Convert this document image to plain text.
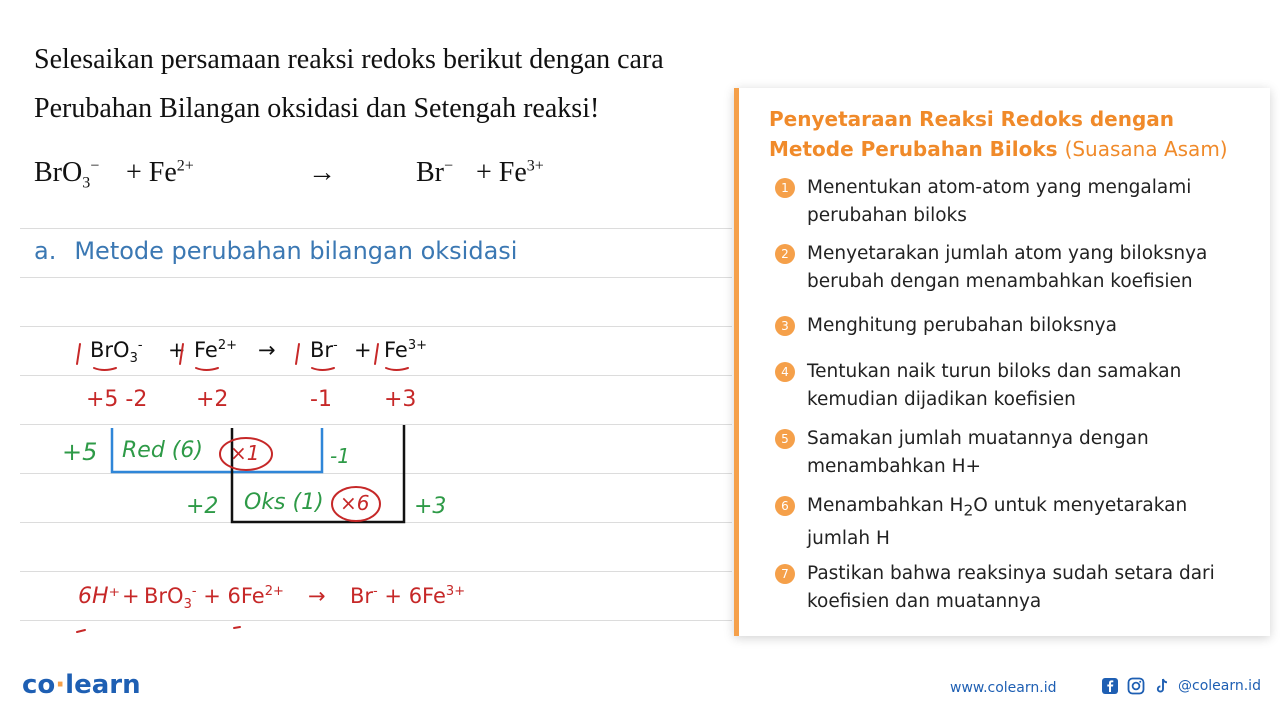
Selesaikan persamaan reaksi redoks berikut dengan cara
Perubahan Bilangan oksidasi dan Setengah reaksi!
$BrO_3^- + Fe^{2+}$	→	$Br^- + Fe^{3+}$
a. Metode perubahan bilangan oksidasi
$BrO_3^- + Fe^{2+} \to Br^- + Fe^{3+}$
+5 -2 +2	-1 +3
+5 Red (6) ×1	-1
+2 Oks (1) ×6 +3
$6H^+ + BrO_3^- + 6Fe^{2+} \to Br^- + 6Fe^{3+}$
Penyetaraan Reaksi Redoks dengan
Metode Perubahan Biloks (Suasana Asam)
1 Menentukan atom-atom yang mengalami perubahan biloks
2 Menyetarakan jumlah atom yang biloksnya berubah dengan menambahkan koefisien
3 Menghitung perubahan biloksnya
4 Tentukan naik turun biloks dan samakan kemudian dijadikan koefisien
5 Samakan jumlah muatannya dengan menambahkan H+
6 Menambahkan $H_2O$ untuk menyetarakan jumlah H
7 Pastikan bahwa reaksinya sudah setara dari koefisien dan muatannya
co·learn	www.colearn.id	@colearn.id
